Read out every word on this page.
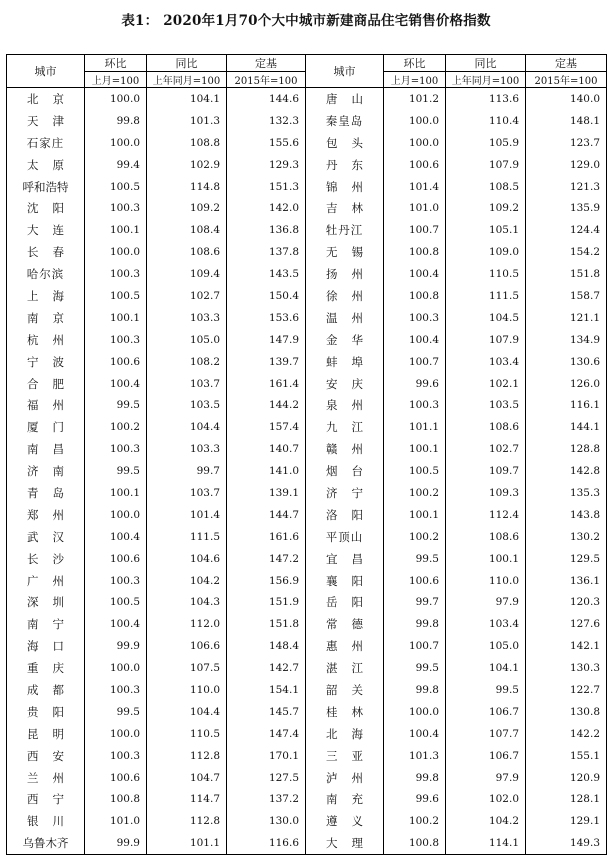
表1： 2020年1月70个大中城市新建商品住宅销售价格指数
城市	环比	同比	定基	城市	环比	同比	定基
	上月=100	上年同月=100	2015年=100		上月=100	上年同月=100	2015年=100
北京	100.0	104.1	144.6	唐山	101.2	113.6	140.0
天津	99.8	101.3	132.3	秦皇岛	100.0	110.4	148.1
石家庄	100.0	108.8	155.6	包头	100.0	105.9	123.7
太原	99.4	102.9	129.3	丹东	100.6	107.9	129.0
呼和浩特	100.5	114.8	151.3	锦州	101.4	108.5	121.3
沈阳	100.3	109.2	142.0	吉林	101.0	109.2	135.9
大连	100.1	108.4	136.8	牡丹江	100.7	105.1	124.4
长春	100.0	108.6	137.8	无锡	100.8	109.0	154.2
哈尔滨	100.3	109.4	143.5	扬州	100.4	110.5	151.8
上海	100.5	102.7	150.4	徐州	100.8	111.5	158.7
南京	100.1	103.3	153.6	温州	100.3	104.5	121.1
杭州	100.3	105.0	147.9	金华	100.4	107.9	134.9
宁波	100.6	108.2	139.7	蚌埠	100.7	103.4	130.6
合肥	100.4	103.7	161.4	安庆	99.6	102.1	126.0
福州	99.5	103.5	144.2	泉州	100.3	103.5	116.1
厦门	100.2	104.4	157.4	九江	101.1	108.6	144.1
南昌	100.3	103.3	140.7	赣州	100.1	102.7	128.8
济南	99.5	99.7	141.0	烟台	100.5	109.7	142.8
青岛	100.1	103.7	139.1	济宁	100.2	109.3	135.3
郑州	100.0	101.4	144.7	洛阳	100.1	112.4	143.8
武汉	100.4	111.5	161.6	平顶山	100.2	108.6	130.2
长沙	100.6	104.6	147.2	宜昌	99.5	100.1	129.5
广州	100.3	104.2	156.9	襄阳	100.6	110.0	136.1
深圳	100.5	104.3	151.9	岳阳	99.7	97.9	120.3
南宁	100.4	112.0	151.8	常德	99.8	103.4	127.6
海口	99.9	106.6	148.4	惠州	100.7	105.0	142.1
重庆	100.0	107.5	142.7	湛江	99.5	104.1	130.3
成都	100.3	110.0	154.1	韶关	99.8	99.5	122.7
贵阳	99.5	104.4	145.7	桂林	100.0	106.7	130.8
昆明	100.0	110.5	147.4	北海	100.4	107.7	142.2
西安	100.3	112.8	170.1	三亚	101.3	106.7	155.1
兰州	100.6	104.7	127.5	泸州	99.8	97.9	120.9
西宁	100.8	114.7	137.2	南充	99.6	102.0	128.1
银川	101.0	112.8	130.0	遵义	100.2	104.2	129.1
乌鲁木齐	99.9	101.1	116.6	大理	100.8	114.1	149.3
